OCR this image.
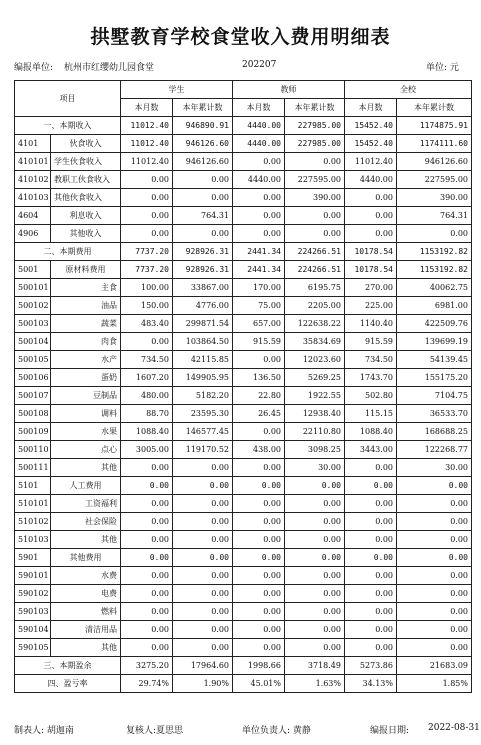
拱墅教育学校食堂收入费用明细表
编报单位: 杭州市红缨幼儿园食堂	202207	单位: 元
项目		学生		教师		全校	
		本月数	本年累计数	本月数	本年累计数	本月数	本年累计数
一、本期收入		11012.40	946890.91	4440.00	227985.00	15452.40	1174875.91
4101	伙食收入	11012.40	946126.60	4440.00	227985.00	15452.40	1174111.60
410101	学生伙食收入	11012.40	946126.60	0.00	0.00	11012.40	946126.60
410102	教职工伙食收入	0.00	0.00	4440.00	227595.00	4440.00	227595.00
410103	其他伙食收入	0.00	0.00	0.00	390.00	0.00	390.00
4604	利息收入	0.00	764.31	0.00	0.00	0.00	764.31
4906	其他收入	0.00	0.00	0.00	0.00	0.00	0.00
二、本期费用		7737.20	928926.31	2441.34	224266.51	10178.54	1153192.82
5001	原材料费用	7737.20	928926.31	2441.34	224266.51	10178.54	1153192.82
500101	主食	100.00	33867.00	170.00	6195.75	270.00	40062.75
500102	油品	150.00	4776.00	75.00	2205.00	225.00	6981.00
500103	蔬菜	483.40	299871.54	657.00	122638.22	1140.40	422509.76
500104	肉食	0.00	103864.50	915.59	35834.69	915.59	139699.19
500105	水产	734.50	42115.85	0.00	12023.60	734.50	54139.45
500106	蛋奶	1607.20	149905.95	136.50	5269.25	1743.70	155175.20
500107	豆制品	480.00	5182.20	22.80	1922.55	502.80	7104.75
500108	调料	88.70	23595.30	26.45	12938.40	115.15	36533.70
500109	水果	1088.40	146577.45	0.00	22110.80	1088.40	168688.25
500110	点心	3005.00	119170.52	438.00	3098.25	3443.00	122268.77
500111	其他	0.00	0.00	0.00	30.00	0.00	30.00
5101	人工费用	0.00	0.00	0.00	0.00	0.00	0.00
510101	工资福利	0.00	0.00	0.00	0.00	0.00	0.00
510102	社会保险	0.00	0.00	0.00	0.00	0.00	0.00
510103	其他	0.00	0.00	0.00	0.00	0.00	0.00
5901	其他费用	0.00	0.00	0.00	0.00	0.00	0.00
590101	水费	0.00	0.00	0.00	0.00	0.00	0.00
590102	电费	0.00	0.00	0.00	0.00	0.00	0.00
590103	燃料	0.00	0.00	0.00	0.00	0.00	0.00
590104	清洁用品	0.00	0.00	0.00	0.00	0.00	0.00
590105	其他	0.00	0.00	0.00	0.00	0.00	0.00
三、本期盈余		3275.20	17964.60	1998.66	3718.49	5273.86	21683.09
四、盈亏率		29.74%	1.90%	45.01%	1.63%	34.13%	1.85%
制表人: 胡迦南	复核人:夏思思	单位负责人: 黄静	编报日期: 2022-08-31
